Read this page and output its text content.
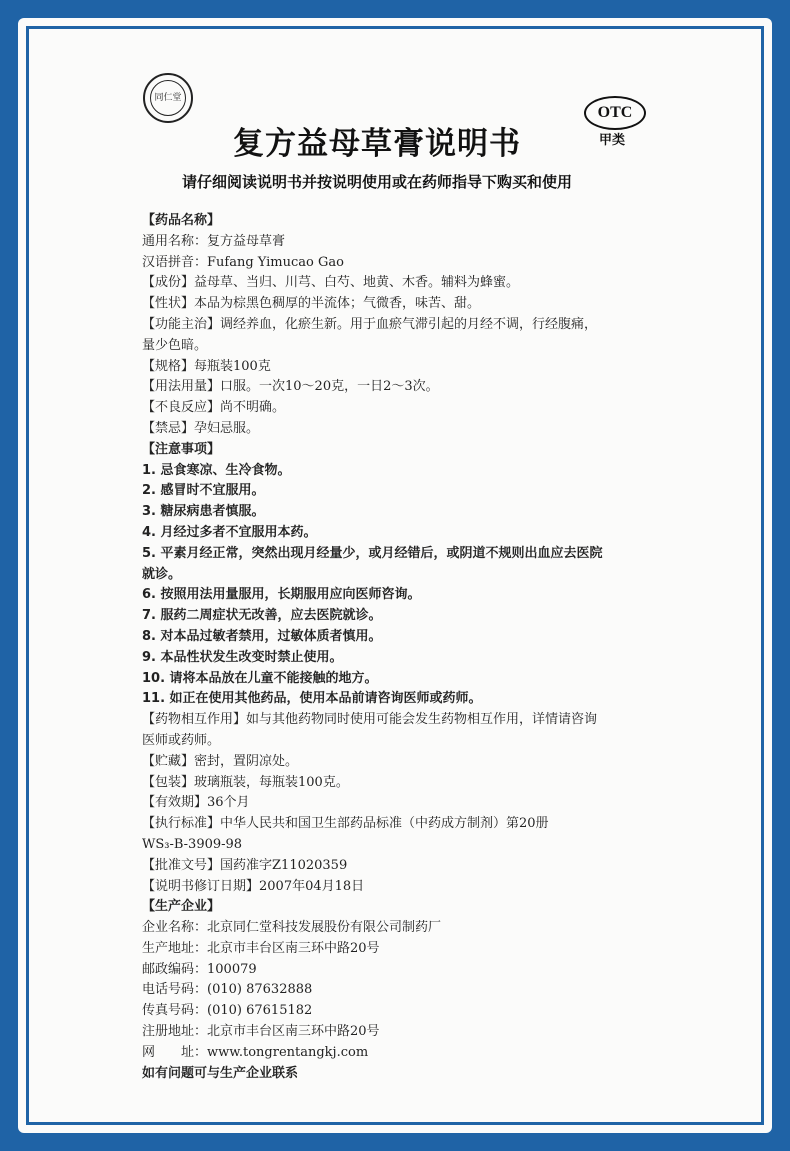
同仁堂
OTC
甲类
复方益母草膏说明书
请仔细阅读说明书并按说明使用或在药师指导下购买和使用
【药品名称】
通用名称：复方益母草膏
汉语拼音：Fufang Yimucao Gao
【成份】益母草、当归、川芎、白芍、地黄、木香。辅料为蜂蜜。
【性状】本品为棕黑色稠厚的半流体；气微香，味苦、甜。
【功能主治】调经养血，化瘀生新。用于血瘀气滞引起的月经不调，行经腹痛，
量少色暗。
【规格】每瓶装100克
【用法用量】口服。一次10～20克，一日2～3次。
【不良反应】尚不明确。
【禁忌】孕妇忌服。
【注意事项】
1. 忌食寒凉、生冷食物。
2. 感冒时不宜服用。
3. 糖尿病患者慎服。
4. 月经过多者不宜服用本药。
5. 平素月经正常，突然出现月经量少，或月经错后，或阴道不规则出血应去医院
就诊。
6. 按照用法用量服用，长期服用应向医师咨询。
7. 服药二周症状无改善，应去医院就诊。
8. 对本品过敏者禁用，过敏体质者慎用。
9. 本品性状发生改变时禁止使用。
10. 请将本品放在儿童不能接触的地方。
11. 如正在使用其他药品，使用本品前请咨询医师或药师。
【药物相互作用】如与其他药物同时使用可能会发生药物相互作用，详情请咨询
医师或药师。
【贮藏】密封，置阴凉处。
【包装】玻璃瓶装，每瓶装100克。
【有效期】36个月
【执行标准】中华人民共和国卫生部药品标准（中药成方制剂）第20册
WS₃-B-3909-98
【批准文号】国药准字Z11020359
【说明书修订日期】2007年04月18日
【生产企业】
企业名称：北京同仁堂科技发展股份有限公司制药厂
生产地址：北京市丰台区南三环中路20号
邮政编码：100079
电话号码：(010) 87632888
传真号码：(010) 67615182
注册地址：北京市丰台区南三环中路20号
网　　址：www.tongrentangkj.com
如有问题可与生产企业联系
